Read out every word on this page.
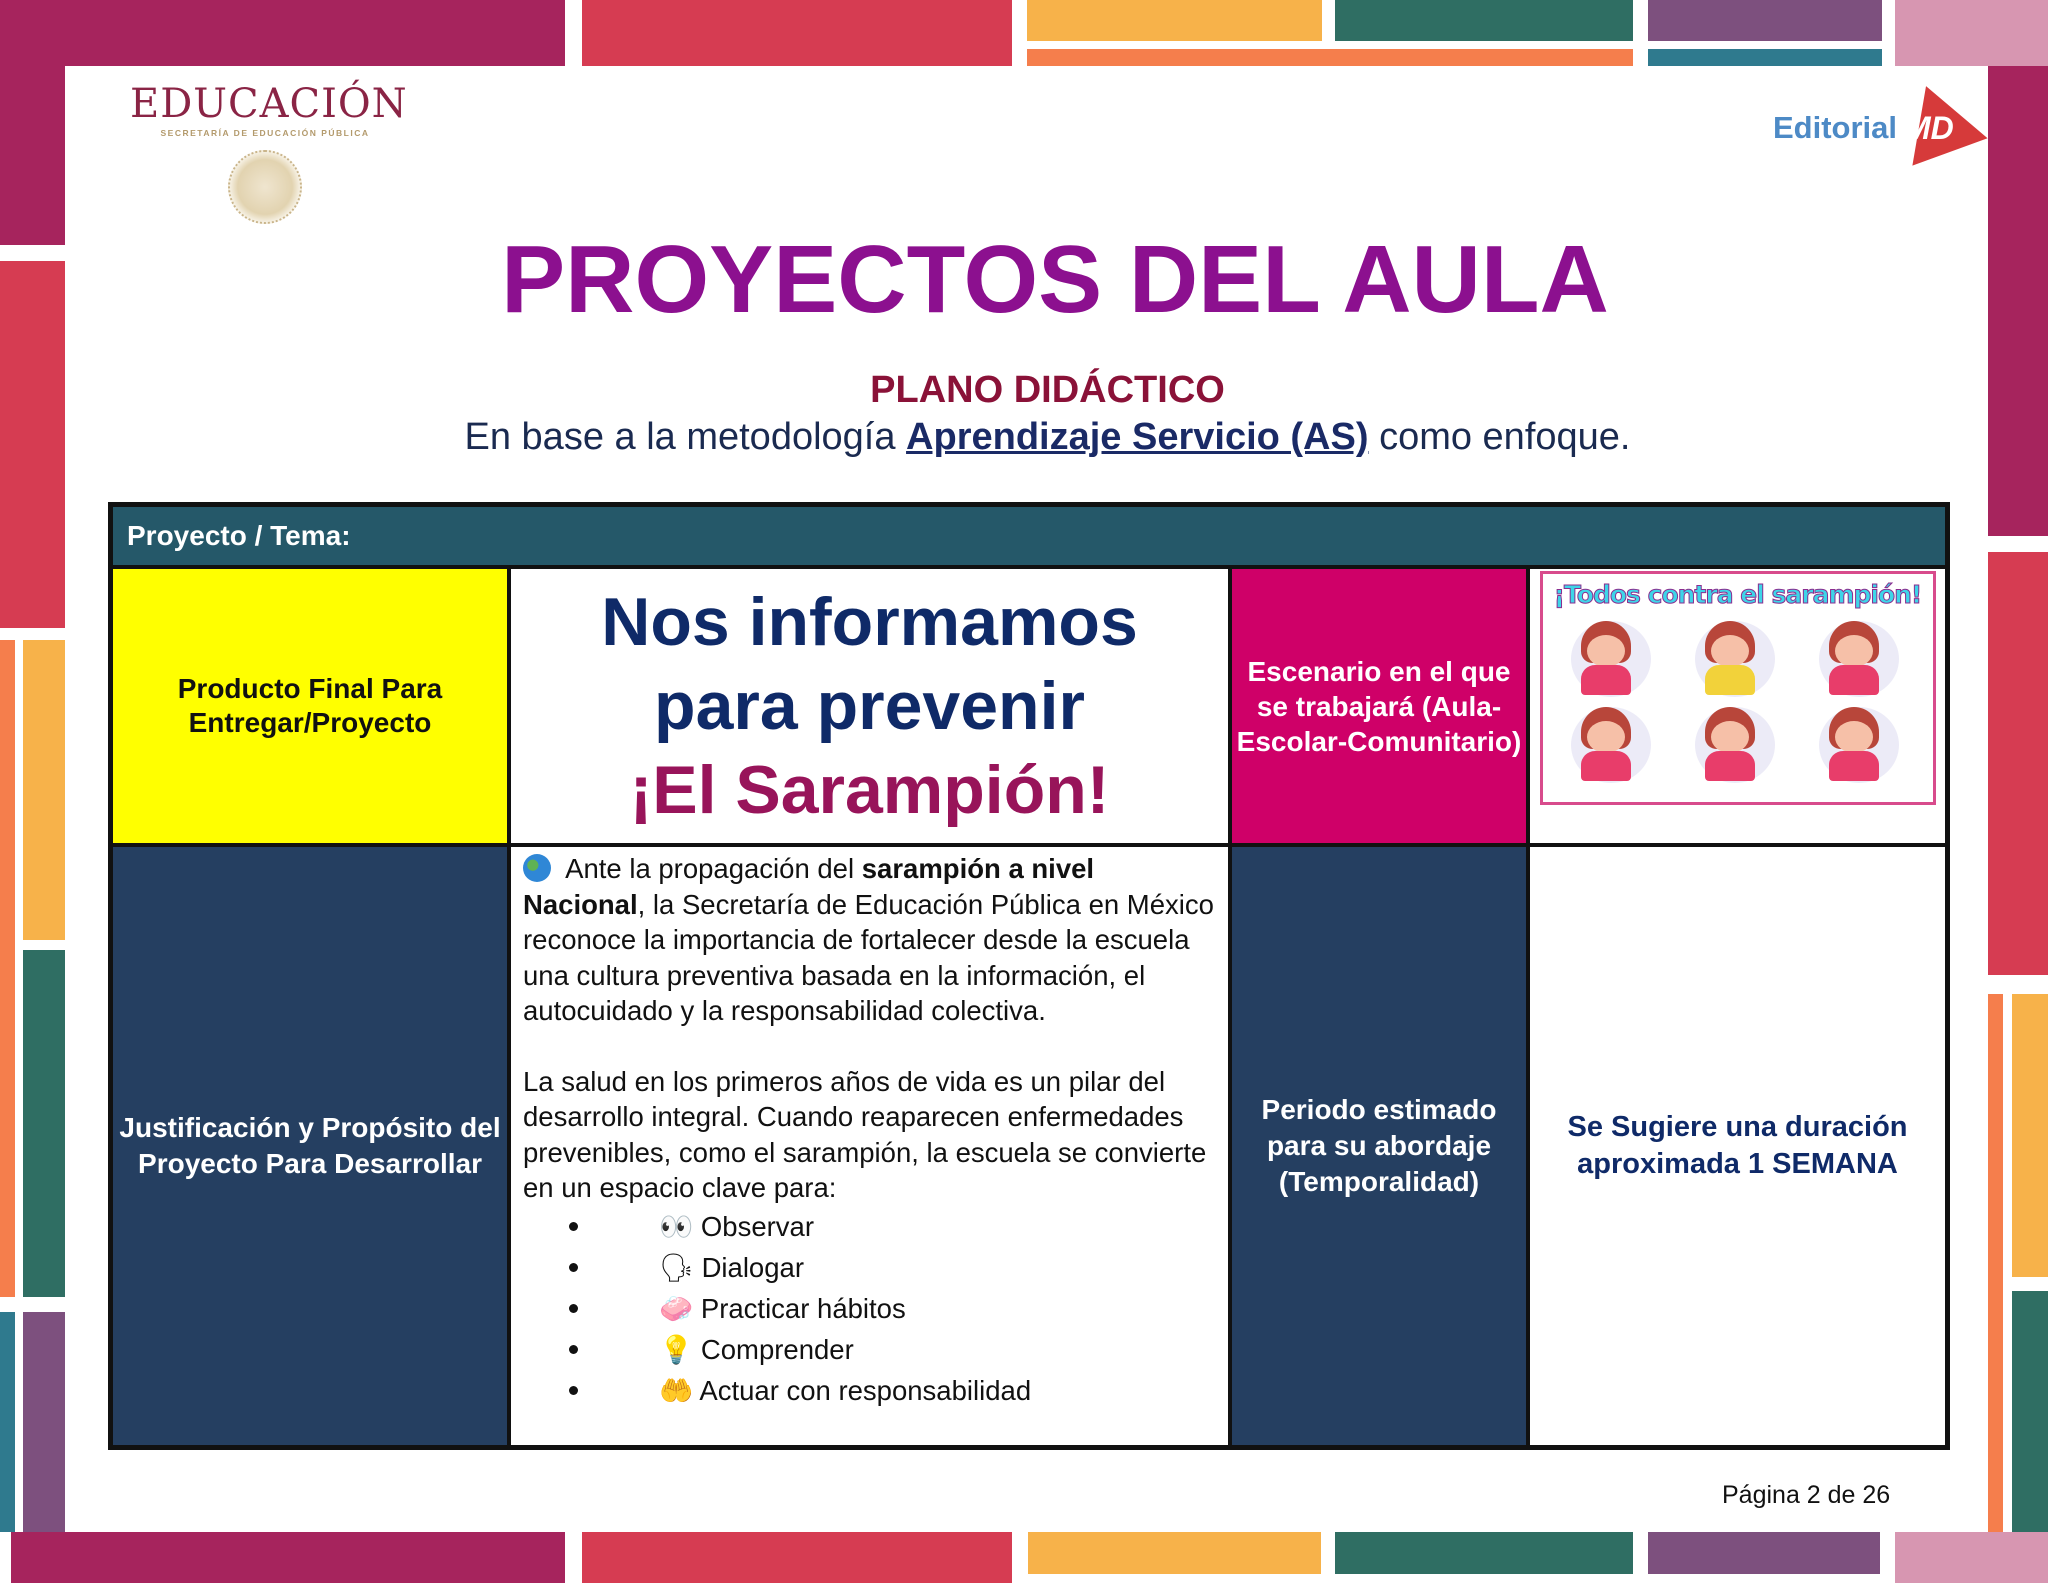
EDUCACIÓN
SECRETARÍA DE EDUCACIÓN PÚBLICA	Editorial MD
PROYECTOS DEL AULA
PLANO DIDÁCTICO
En base a la metodología Aprendizaje Servicio (AS) como enfoque.
Proyecto / Tema:
Producto Final Para Entregar/Proyecto
Nos informamos
para prevenir
¡El Sarampión!
Escenario en el que se trabajará (Aula-Escolar-Comunitario)
¡Todos contra el sarampión!
Justificación y Propósito del Proyecto Para Desarrollar

Ante la propagación del sarampión a nivel Nacional, la Secretaría de Educación Pública en México reconoce la importancia de fortalecer desde la escuela una cultura preventiva basada en la información, el autocuidado y la responsabilidad colectiva.

La salud en los primeros años de vida es un pilar del desarrollo integral. Cuando reaparecen enfermedades prevenibles, como el sarampión, la escuela se convierte en un espacio clave para:

👀 Observar
🗣 Dialogar
🧼 Practicar hábitos
💡 Comprender
🤲 Actuar con responsabilidad
Periodo estimado para su abordaje (Temporalidad)
Se Sugiere una duración aproximada 1 SEMANA
Página 2 de 26
